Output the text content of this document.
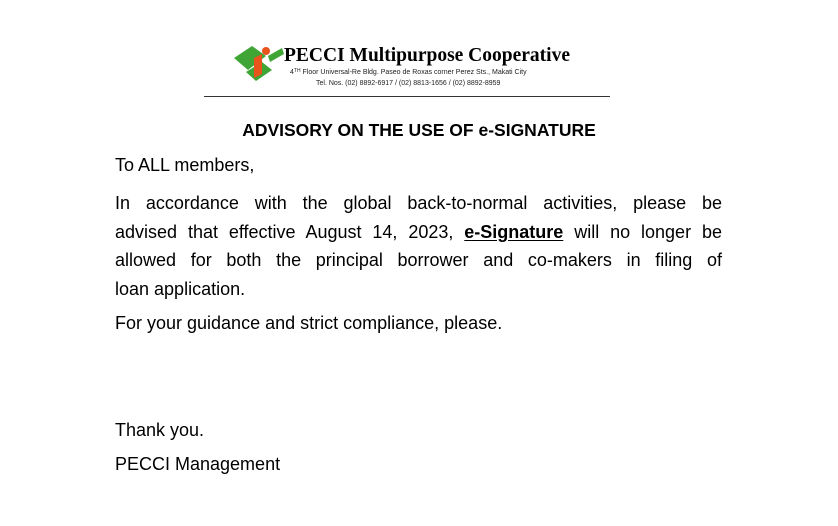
PECCI Multipurpose Cooperative
4TH Floor Universal-Re Bldg. Paseo de Roxas corner Perez Sts., Makati City
Tel. Nos. (02) 8892-6917 / (02) 8813-1656 / (02) 8892-8959
ADVISORY ON THE USE OF e-SIGNATURE
To ALL members,
In accordance with the global back-to-normal activities, please be
advised that effective August 14, 2023, e-Signature will no longer be
allowed for both the principal borrower and co-makers in filing of
loan application.
For your guidance and strict compliance, please.
Thank you.
PECCI Management
